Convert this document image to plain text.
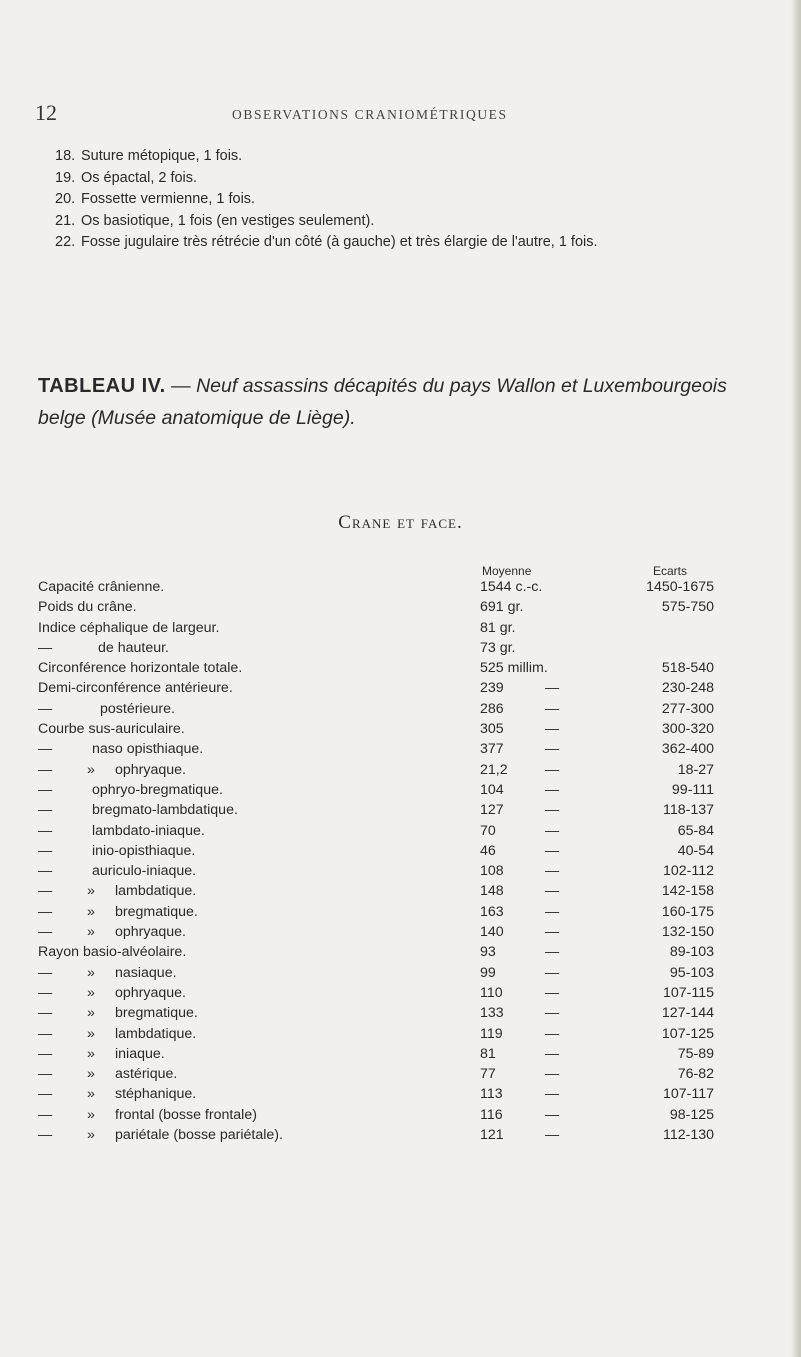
12	OBSERVATIONS CRANIOMÉTRIQUES
18. Suture métopique, 1 fois.
19. Os épactal, 2 fois.
20. Fossette vermienne, 1 fois.
21. Os basiotique, 1 fois (en vestiges seulement).
22. Fosse jugulaire très rétrécie d'un côté (à gauche) et très élargie de l'autre, 1 fois.
TABLEAU IV. — Neuf assassins décapités du pays Wallon et Luxembourgeois belge (Musée anatomique de Liège).
Crane et face.
Moyenne	Ecarts
Capacité crânienne.	1544 c.-c.	1450-1675
Poids du crâne.	691 gr.	575-750
Indice céphalique de largeur.	81 gr.
—	de hauteur.	73 gr.
Circonférence horizontale totale.	525 millim.	518-540
Demi-circonférence antérieure.	239	—	230-248
—	postérieure.	286	—	277-300
Courbe sus-auriculaire.	305	—	300-320
—	naso opisthiaque.	377	—	362-400
—	» ophryaque.	21,2	—	18-27
—	ophryo-bregmatique.	104	—	99-111
—	bregmato-lambdatique.	127	—	118-137
—	lambdato-iniaque.	70	—	65-84
—	inio-opisthiaque.	46	—	40-54
—	auriculo-iniaque.	108	—	102-112
—	» lambdatique.	148	—	142-158
—	» bregmatique.	163	—	160-175
—	» ophryaque.	140	—	132-150
Rayon basio-alvéolaire.	93	—	89-103
—	» nasiaque.	99	—	95-103
—	» ophryaque.	110	—	107-115
—	» bregmatique.	133	—	127-144
—	» lambdatique.	119	—	107-125
—	» iniaque.	81	—	75-89
—	» astérique.	77	—	76-82
—	» stéphanique.	113	—	107-117
—	» frontal (bosse frontale)	116	—	98-125
—	» pariétale (bosse pariétale).	121	—	112-130
